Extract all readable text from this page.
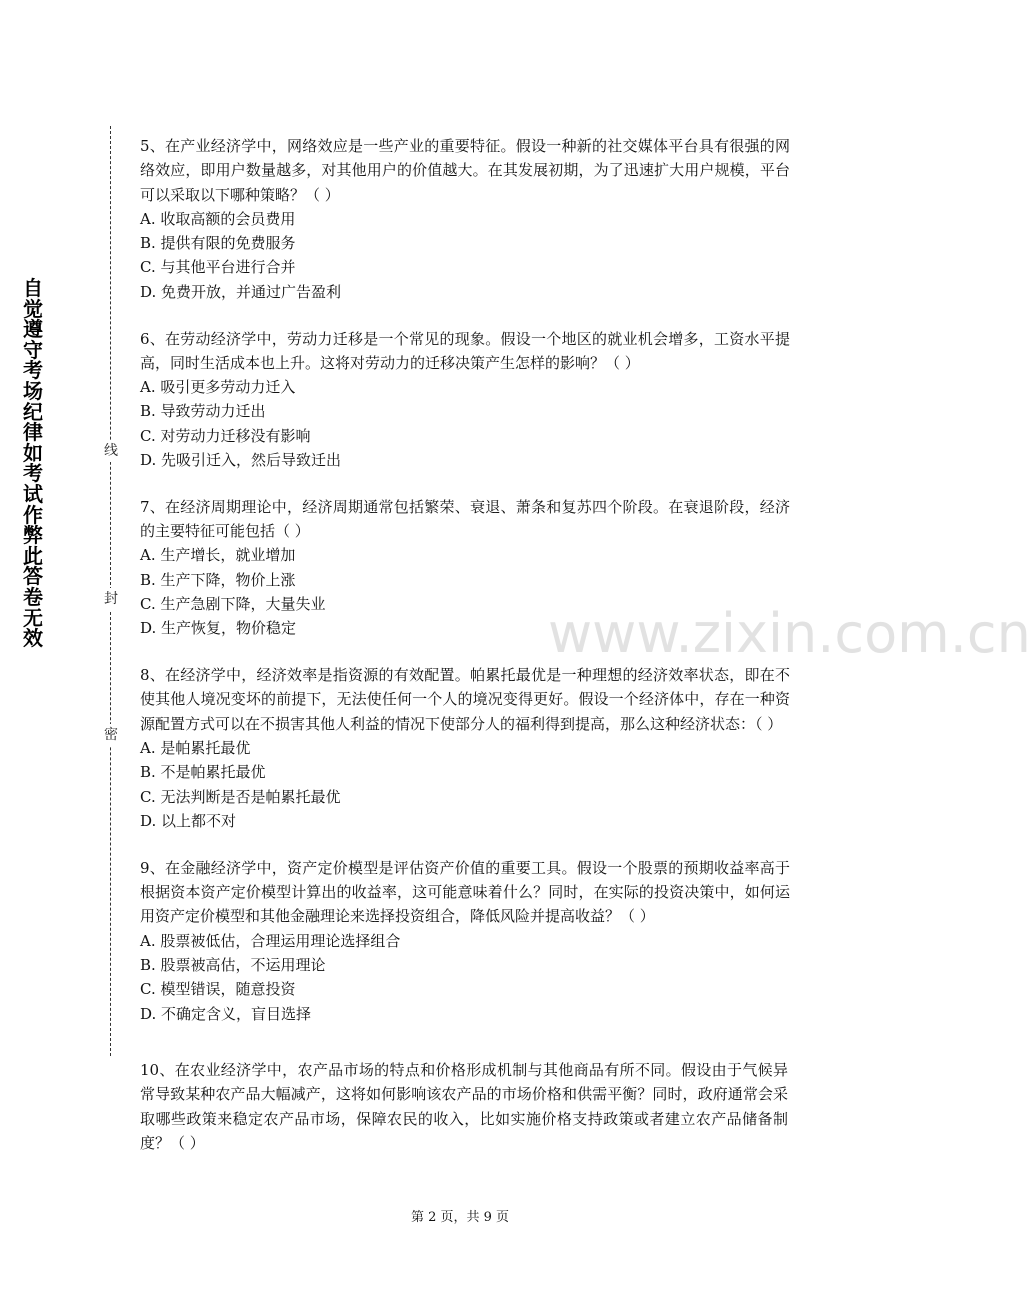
自觉遵守考场纪律如考试作弊此答卷无效
线
封
密
www.zixin.com.cn

5、在产业经济学中，网络效应是一些产业的重要特征。假设一种新的社交媒体平台具有很强的网络效应，即用户数量越多，对其他用户的价值越大。在其发展初期，为了迅速扩大用户规模，平台可以采取以下哪种策略？（ ）

A. 收取高额的会员费用

B. 提供有限的免费服务

C. 与其他平台进行合并

D. 免费开放，并通过广告盈利

6、在劳动经济学中，劳动力迁移是一个常见的现象。假设一个地区的就业机会增多，工资水平提高，同时生活成本也上升。这将对劳动力的迁移决策产生怎样的影响？（ ）

A. 吸引更多劳动力迁入

B. 导致劳动力迁出

C. 对劳动力迁移没有影响

D. 先吸引迁入，然后导致迁出

7、在经济周期理论中，经济周期通常包括繁荣、衰退、萧条和复苏四个阶段。在衰退阶段，经济的主要特征可能包括（ ）

A. 生产增长，就业增加

B. 生产下降，物价上涨

C. 生产急剧下降，大量失业

D. 生产恢复，物价稳定

8、在经济学中，经济效率是指资源的有效配置。帕累托最优是一种理想的经济效率状态，即在不使其他人境况变坏的前提下，无法使任何一个人的境况变得更好。假设一个经济体中，存在一种资源配置方式可以在不损害其他人利益的情况下使部分人的福利得到提高，那么这种经济状态：（ ）

A. 是帕累托最优

B. 不是帕累托最优

C. 无法判断是否是帕累托最优

D. 以上都不对

9、在金融经济学中，资产定价模型是评估资产价值的重要工具。假设一个股票的预期收益率高于根据资本资产定价模型计算出的收益率，这可能意味着什么？同时，在实际的投资决策中，如何运用资产定价模型和其他金融理论来选择投资组合，降低风险并提高收益？（ ）

A. 股票被低估，合理运用理论选择组合

B. 股票被高估，不运用理论

C. 模型错误，随意投资

D. 不确定含义，盲目选择

10、在农业经济学中，农产品市场的特点和价格形成机制与其他商品有所不同。假设由于气候异常导致某种农产品大幅减产，这将如何影响该农产品的市场价格和供需平衡？同时，政府通常会采取哪些政策来稳定农产品市场，保障农民的收入，比如实施价格支持政策或者建立农产品储备制度？（ ）

第 2 页，共 9 页
